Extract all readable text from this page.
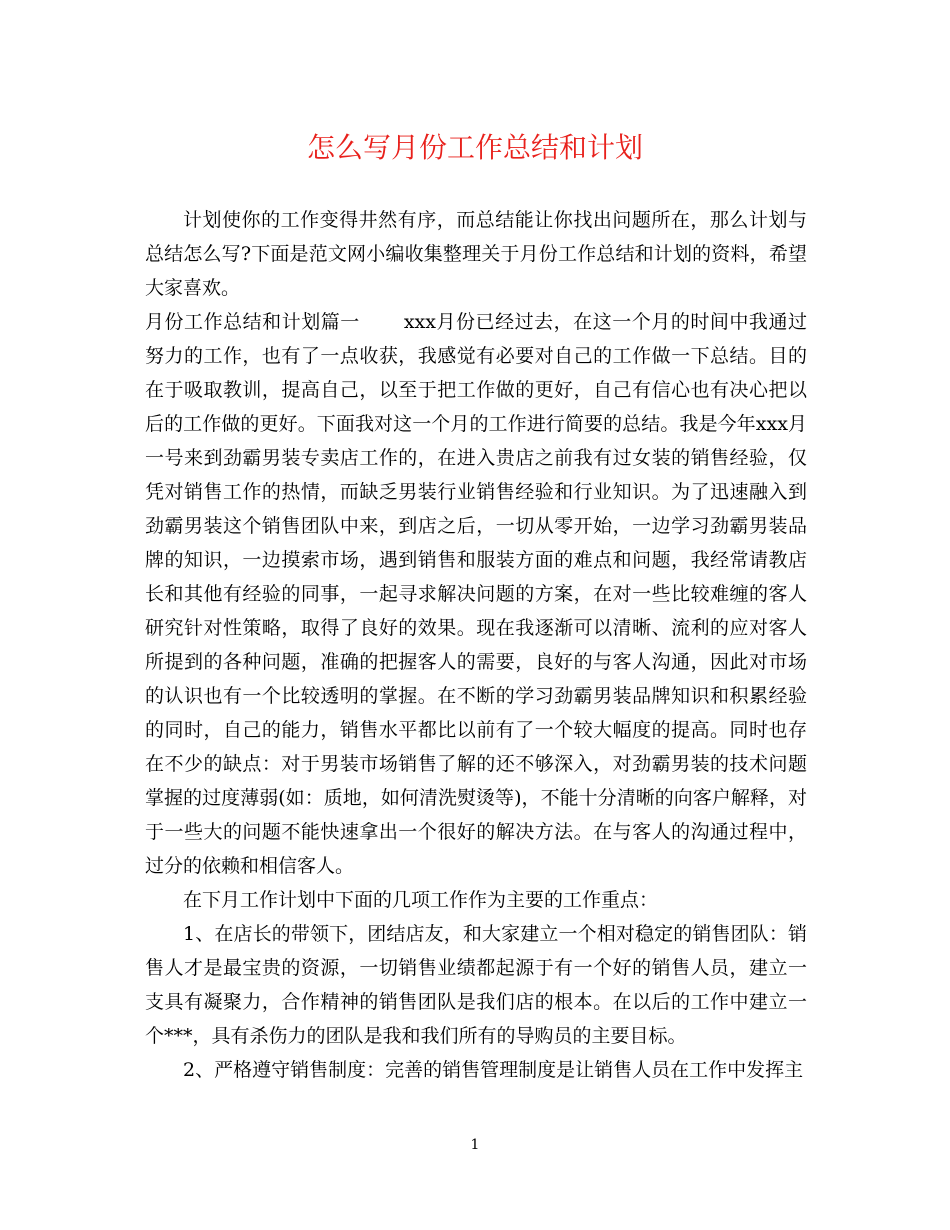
怎么写月份工作总结和计划

计划使你的工作变得井然有序，而总结能让你找出问题所在，那么计划与总结怎么写?下面是范文网小编收集整理关于月份工作总结和计划的资料，希望大家喜欢。

月份工作总结和计划篇一 xxx月份已经过去，在这一个月的时间中我通过努力的工作，也有了一点收获，我感觉有必要对自己的工作做一下总结。目的在于吸取教训，提高自己，以至于把工作做的更好，自己有信心也有决心把以后的工作做的更好。下面我对这一个月的工作进行简要的总结。我是今年xxx月一号来到劲霸男装专卖店工作的，在进入贵店之前我有过女装的销售经验，仅凭对销售工作的热情，而缺乏男装行业销售经验和行业知识。为了迅速融入到劲霸男装这个销售团队中来，到店之后，一切从零开始，一边学习劲霸男装品牌的知识，一边摸索市场，遇到销售和服装方面的难点和问题，我经常请教店长和其他有经验的同事，一起寻求解决问题的方案，在对一些比较难缠的客人研究针对性策略，取得了良好的效果。现在我逐渐可以清晰、流利的应对客人所提到的各种问题，准确的把握客人的需要，良好的与客人沟通，因此对市场的认识也有一个比较透明的掌握。在不断的学习劲霸男装品牌知识和积累经验的同时，自己的能力，销售水平都比以前有了一个较大幅度的提高。同时也存在不少的缺点：对于男装市场销售了解的还不够深入，对劲霸男装的技术问题掌握的过度薄弱(如：质地，如何清洗熨烫等)，不能十分清晰的向客户解释，对于一些大的问题不能快速拿出一个很好的解决方法。在与客人的沟通过程中，过分的依赖和相信客人。

在下月工作计划中下面的几项工作作为主要的工作重点：

1、在店长的带领下，团结店友，和大家建立一个相对稳定的销售团队：销售人才是最宝贵的资源，一切销售业绩都起源于有一个好的销售人员，建立一支具有凝聚力，合作精神的销售团队是我们店的根本。在以后的工作中建立一个***，具有杀伤力的团队是我和我们所有的导购员的主要目标。

2、严格遵守销售制度：完善的销售管理制度是让销售人员在工作中发挥主

1
